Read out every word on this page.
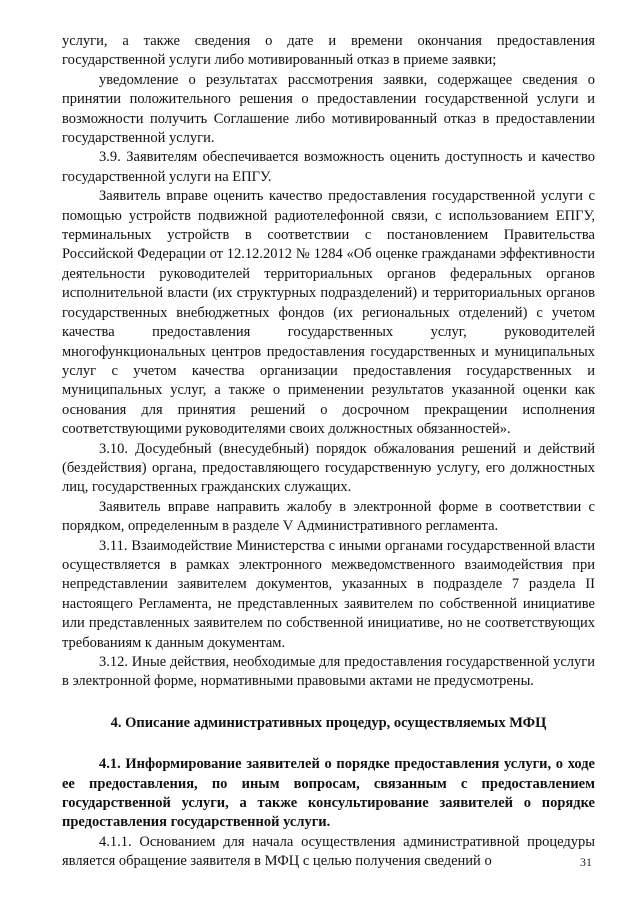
услуги, а также сведения о дате и времени окончания предоставления государственной услуги либо мотивированный отказ в приеме заявки;

уведомление о результатах рассмотрения заявки, содержащее сведения о принятии положительного решения о предоставлении государственной услуги и возможности получить Соглашение либо мотивированный отказ в предоставлении государственной услуги.

3.9. Заявителям обеспечивается возможность оценить доступность и качество государственной услуги на ЕПГУ.

Заявитель вправе оценить качество предоставления государственной услуги с помощью устройств подвижной радиотелефонной связи, с использованием ЕПГУ, терминальных устройств в соответствии с постановлением Правительства Российской Федерации от 12.12.2012 № 1284 «Об оценке гражданами эффективности деятельности руководителей территориальных органов федеральных органов исполнительной власти (их структурных подразделений) и территориальных органов государственных внебюджетных фондов (их региональных отделений) с учетом качества предоставления государственных услуг, руководителей многофункциональных центров предоставления государственных и муниципальных услуг с учетом качества организации предоставления государственных и муниципальных услуг, а также о применении результатов указанной оценки как основания для принятия решений о досрочном прекращении исполнения соответствующими руководителями своих должностных обязанностей».

3.10. Досудебный (внесудебный) порядок обжалования решений и действий (бездействия) органа, предоставляющего государственную услугу, его должностных лиц, государственных гражданских служащих.

Заявитель вправе направить жалобу в электронной форме в соответствии с порядком, определенным в разделе V Административного регламента.

3.11. Взаимодействие Министерства с иными органами государственной власти осуществляется в рамках электронного межведомственного взаимодействия при непредставлении заявителем документов, указанных в подразделе 7 раздела II настоящего Регламента, не представленных заявителем по собственной инициативе или представленных заявителем по собственной инициативе, но не соответствующих требованиям к данным документам.

3.12. Иные действия, необходимые для предоставления государственной услуги в электронной форме, нормативными правовыми актами не предусмотрены.

4. Описание административных процедур, осуществляемых МФЦ

4.1. Информирование заявителей о порядке предоставления услуги, о ходе ее предоставления, по иным вопросам, связанным с предоставлением государственной услуги, а также консультирование заявителей о порядке предоставления государственной услуги.

4.1.1. Основанием для начала осуществления административной процедуры является обращение заявителя в МФЦ с целью получения сведений о	31
